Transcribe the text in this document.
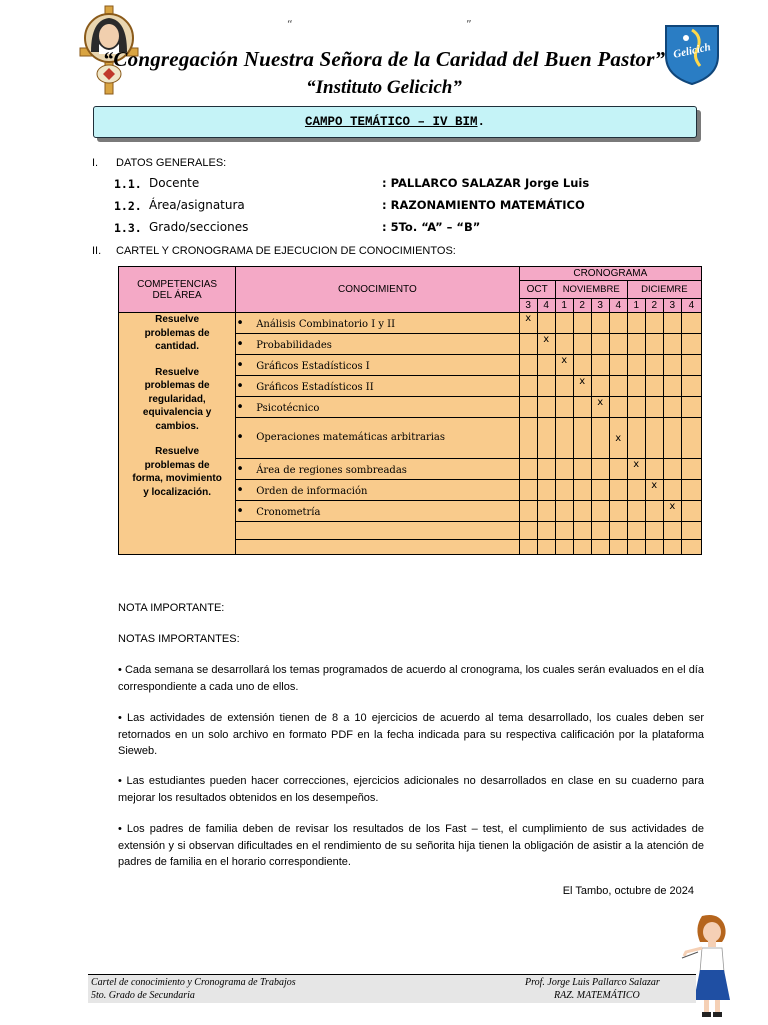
Gelicich
“	”
“Congregación Nuestra Señora de la Caridad del Buen Pastor”
“Instituto Gelicich”
CAMPO TEMÁTICO – IV BIM.
I. DATOS GENERALES:
1.1. Docente	: PALLARCO SALAZAR Jorge Luis
1.2. Área/asignatura	: RAZONAMIENTO MATEMÁTICO
1.3. Grado/secciones	: 5To. “A” – “B”
II. CARTEL Y CRONOGRAMA DE EJECUCION DE CONOCIMIENTOS:
COMPETENCIAS DEL ÁREA	CONOCIMIENTO	CRONOGRAMA									
		OCT		NOVIEMBRE				DICIEMRE			
		3	4	1	2	3	4	1	2	3	4

Resuelve problemas de cantidad.

Resuelve problemas de regularidad, equivalencia y cambios.

Resuelve problemas de forma, movimiento y localización.	• Análisis Combinatorio I y II	x									
	• Probabilidades		x								
	• Gráficos Estadísticos I			x							
	• Gráficos Estadísticos II				x						
	• Psicotécnico					x					
	• Operaciones matemáticas arbitrarias						x				
	• Área de regiones sombreadas							x			
	• Orden de información								x		
	• Cronometría									x	

NOTA IMPORTANTE:
NOTAS IMPORTANTES:

• Cada semana se desarrollará los temas programados de acuerdo al cronograma, los cuales serán evaluados en el día correspondiente a cada uno de ellos.

• Las actividades de extensión tienen de 8 a 10 ejercicios de acuerdo al tema desarrollado, los cuales deben ser retornados en un solo archivo en formato PDF en la fecha indicada para su respectiva calificación por la plataforma Sieweb.

• Las estudiantes pueden hacer correcciones, ejercicios adicionales no desarrollados en clase en su cuaderno para mejorar los resultados obtenidos en los desempeños.

• Los padres de familia deben de revisar los resultados de los Fast – test, el cumplimiento de sus actividades de extensión y si observan dificultades en el rendimiento de su señorita hija tienen la obligación de asistir a la atención de padres de familia en el horario correspondiente.

El Tambo, octubre de 2024
Cartel de conocimiento y Cronograma de Trabajos
5to. Grado de Secundaria
Prof. Jorge Luis Pallarco Salazar
RAZ. MATEMÁTICO
